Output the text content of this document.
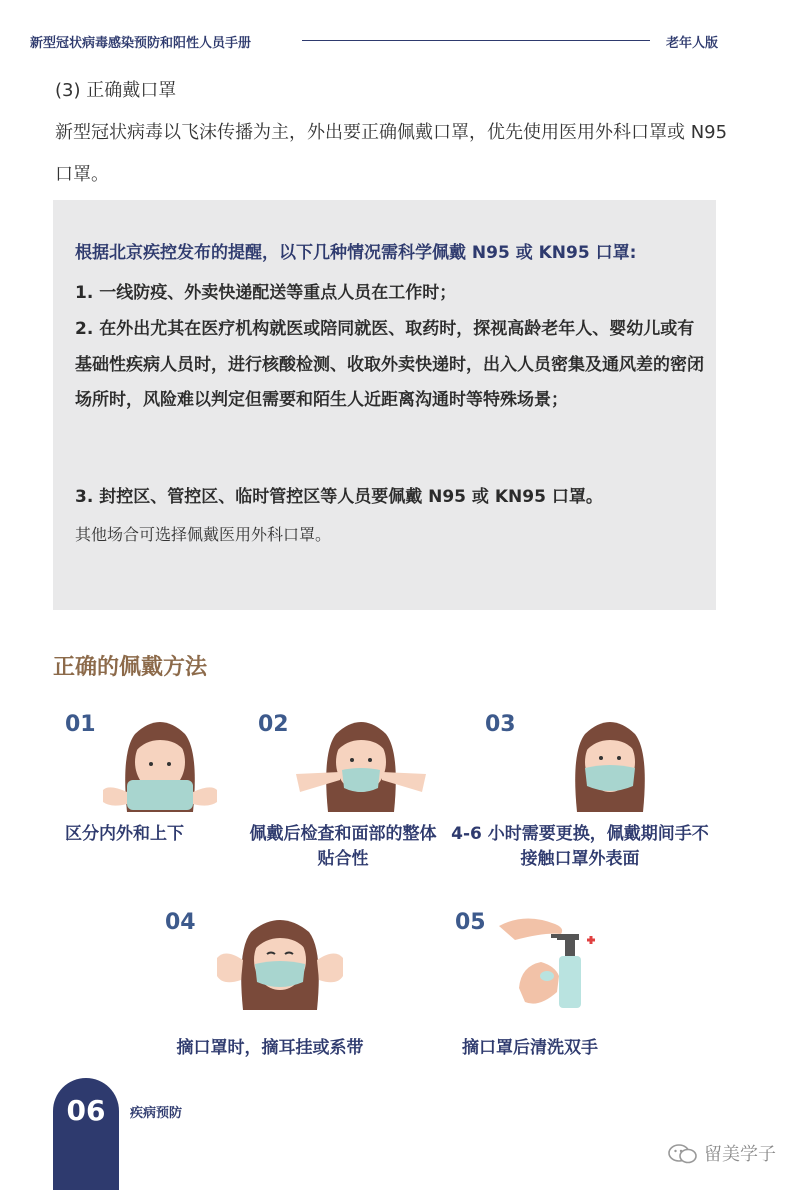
新型冠状病毒感染预防和阳性人员手册	老年人版
(3) 正确戴口罩
新型冠状病毒以飞沫传播为主，外出要正确佩戴口罩，优先使用医用外科口罩或 N95 口罩。
根据北京疾控发布的提醒，以下几种情况需科学佩戴 N95 或 KN95 口罩:
1. 一线防疫、外卖快递配送等重点人员在工作时；
2. 在外出尤其在医疗机构就医或陪同就医、取药时，探视高龄老年人、婴幼儿或有基础性疾病人员时，进行核酸检测、收取外卖快递时，出入人员密集及通风差的密闭场所时，风险难以判定但需要和陌生人近距离沟通时等特殊场景；
3. 封控区、管控区、临时管控区等人员要佩戴 N95 或 KN95 口罩。
其他场合可选择佩戴医用外科口罩。
正确的佩戴方法
01
区分内外和上下
02
佩戴后检查和面部的整体贴合性
03
4-6 小时需要更换，佩戴期间手不接触口罩外表面
04
摘口罩时，摘耳挂或系带
05
摘口罩后清洗双手
06	疾病预防
留美学子
